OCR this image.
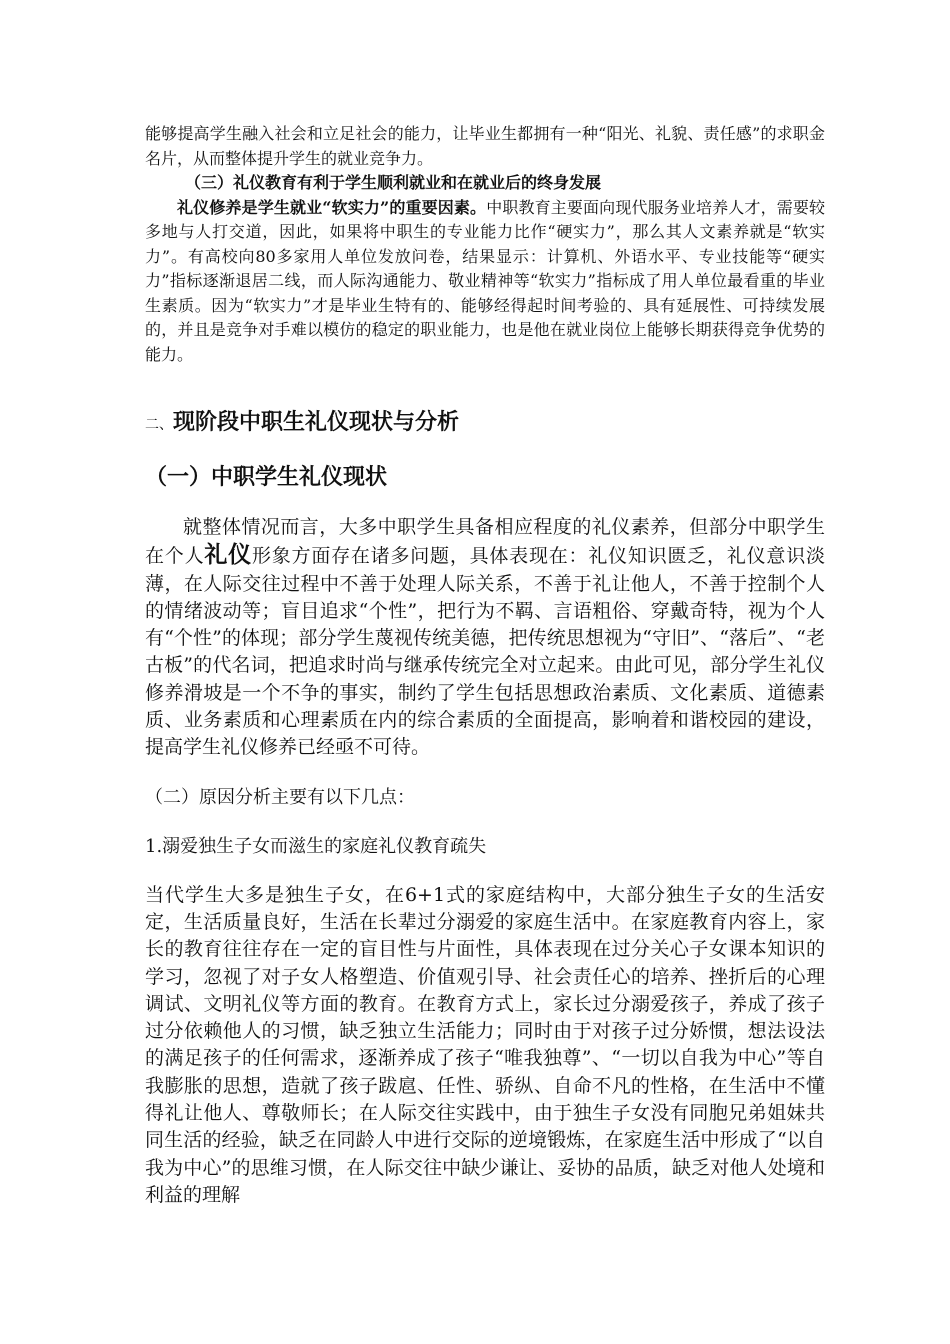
能够提高学生融入社会和立足社会的能力，让毕业生都拥有一种“阳光、礼貌、责任感”的求职金名片，从而整体提升学生的就业竞争力。

（三）礼仪教育有利于学生顺利就业和在就业后的终身发展

礼仪修养是学生就业“软实力”的重要因素。中职教育主要面向现代服务业培养人才，需要较多地与人打交道，因此，如果将中职生的专业能力比作“硬实力”，那么其人文素养就是“软实力”。有高校向80多家用人单位发放问卷，结果显示：计算机、外语水平、专业技能等“硬实力”指标逐渐退居二线，而人际沟通能力、敬业精神等“软实力”指标成了用人单位最看重的毕业生素质。因为“软实力”才是毕业生特有的、能够经得起时间考验的、具有延展性、可持续发展的，并且是竞争对手难以模仿的稳定的职业能力，也是他在就业岗位上能够长期获得竞争优势的能力。

二、现阶段中职生礼仪现状与分析
（一）中职学生礼仪现状

就整体情况而言，大多中职学生具备相应程度的礼仪素养，但部分中职学生在个人礼仪形象方面存在诸多问题，具体表现在：礼仪知识匮乏，礼仪意识淡薄，在人际交往过程中不善于处理人际关系，不善于礼让他人，不善于控制个人的情绪波动等；盲目追求“个性”，把行为不羁、言语粗俗、穿戴奇特，视为个人有“个性”的体现；部分学生蔑视传统美德，把传统思想视为“守旧”、“落后”、“老古板”的代名词，把追求时尚与继承传统完全对立起来。由此可见，部分学生礼仪修养滑坡是一个不争的事实，制约了学生包括思想政治素质、文化素质、道德素质、业务素质和心理素质在内的综合素质的全面提高，影响着和谐校园的建设，提高学生礼仪修养已经亟不可待。

（二）原因分析主要有以下几点：

1.溺爱独生子女而滋生的家庭礼仪教育疏失

当代学生大多是独生子女，在6+1式的家庭结构中，大部分独生子女的生活安定，生活质量良好，生活在长辈过分溺爱的家庭生活中。在家庭教育内容上，家长的教育往往存在一定的盲目性与片面性，具体表现在过分关心子女课本知识的学习，忽视了对子女人格塑造、价值观引导、社会责任心的培养、挫折后的心理调试、文明礼仪等方面的教育。在教育方式上，家长过分溺爱孩子，养成了孩子过分依赖他人的习惯，缺乏独立生活能力；同时由于对孩子过分娇惯，想法设法的满足孩子的任何需求，逐渐养成了孩子“唯我独尊”、“一切以自我为中心”等自我膨胀的思想，造就了孩子跋扈、任性、骄纵、自命不凡的性格，在生活中不懂得礼让他人、尊敬师长；在人际交往实践中，由于独生子女没有同胞兄弟姐妹共同生活的经验，缺乏在同龄人中进行交际的逆境锻炼，在家庭生活中形成了“以自我为中心”的思维习惯，在人际交往中缺少谦让、妥协的品质，缺乏对他人处境和利益的理解
